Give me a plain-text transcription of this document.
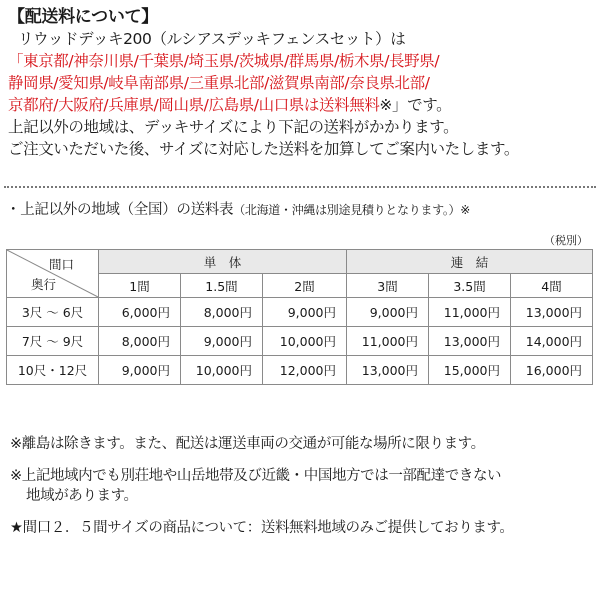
【配送料について】
リウッドデッキ200（ルシアスデッキフェンスセット）は
「東京都/神奈川県/千葉県/埼玉県/茨城県/群馬県/栃木県/長野県/
静岡県/愛知県/岐阜南部県/三重県北部/滋賀県南部/奈良県北部/
京都府/大阪府/兵庫県/岡山県/広島県/山口県は送料無料※」です。
上記以外の地域は、デッキサイズにより下記の送料がかかります。
ご注文いただいた後、サイズに対応した送料を加算してご案内いたします。
・上記以外の地域（全国）の送料表（北海道・沖縄は別途見積りとなります。）※
（税別）
間口
奥行	単　体			連　結		
	1間	1.5間	2間	3間	3.5間	4間
3尺 ～ 6尺	6,000円	8,000円	9,000円	9,000円	11,000円	13,000円
7尺 ～ 9尺	8,000円	9,000円	10,000円	11,000円	13,000円	14,000円
10尺・12尺	9,000円	10,000円	12,000円	13,000円	15,000円	16,000円
※離島は除きます。また、配送は運送車両の交通が可能な場所に限ります。
※上記地域内でも別荘地や山岳地帯及び近畿・中国地方では一部配達できない
地域があります。
★間口２．５間サイズの商品について：送料無料地域のみご提供しております。
